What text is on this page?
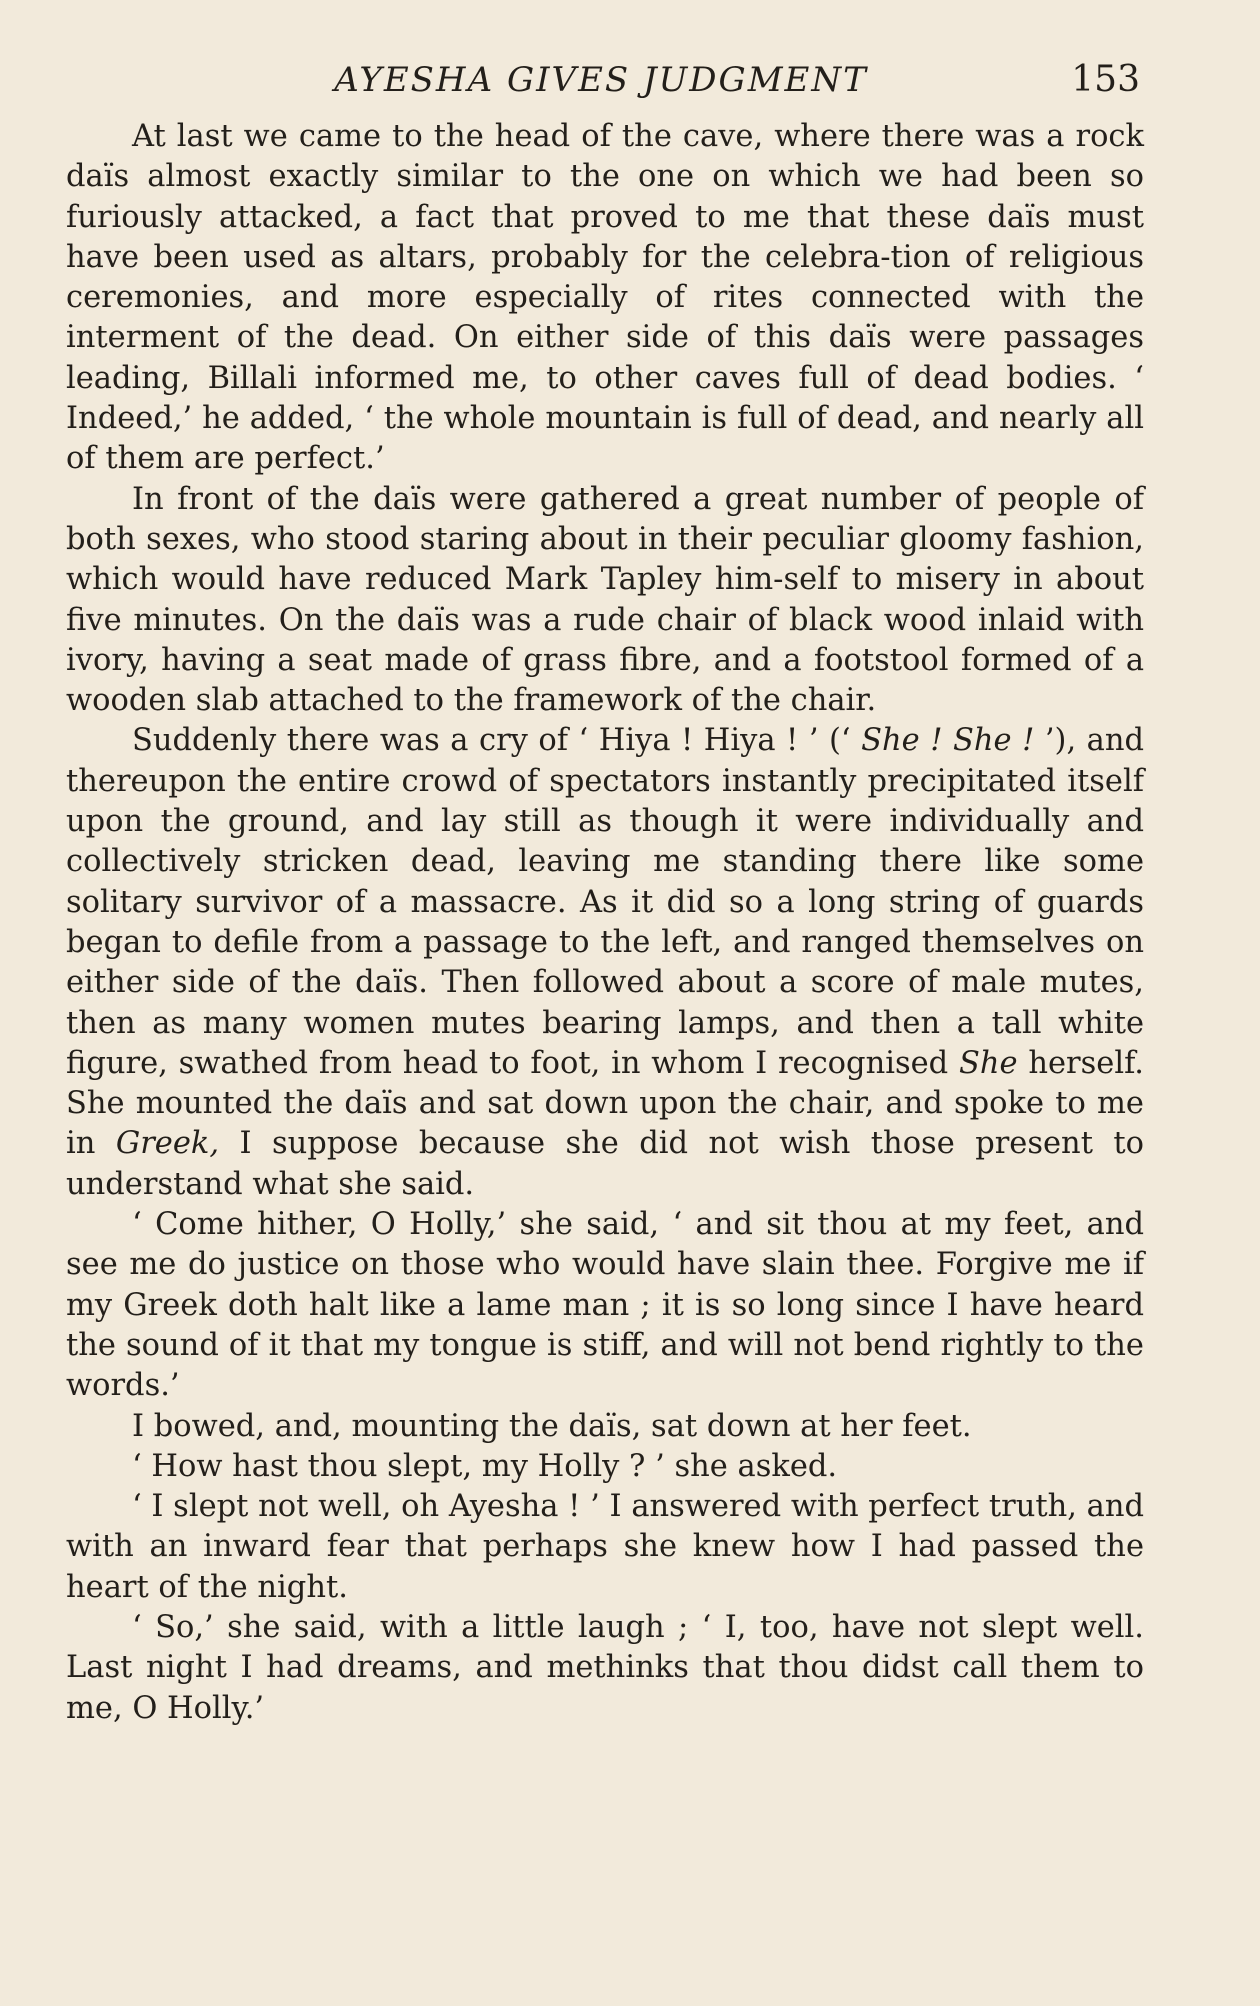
AYESHA GIVES JUDGMENT	153

At last we came to the head of the cave, where there was a rock daïs almost exactly similar to the one on which we had been so furiously attacked, a fact that proved to me that these daïs must have been used as altars, probably for the celebra-tion of religious ceremonies, and more especially of rites connected with the interment of the dead. On either side of this daïs were passages leading, Billali informed me, to other caves full of dead bodies. ‘ Indeed,’ he added, ‘ the whole mountain is full of dead, and nearly all of them are perfect.’

In front of the daïs were gathered a great number of people of both sexes, who stood staring about in their peculiar gloomy fashion, which would have reduced Mark Tapley him-self to misery in about five minutes. On the daïs was a rude chair of black wood inlaid with ivory, having a seat made of grass fibre, and a footstool formed of a wooden slab attached to the framework of the chair.

Suddenly there was a cry of ‘ Hiya ! Hiya ! ’ (‘ She ! She ! ’), and thereupon the entire crowd of spectators instantly precipitated itself upon the ground, and lay still as though it were individually and collectively stricken dead, leaving me standing there like some solitary survivor of a massacre. As it did so a long string of guards began to defile from a passage to the left, and ranged themselves on either side of the daïs. Then followed about a score of male mutes, then as many women mutes bearing lamps, and then a tall white figure, swathed from head to foot, in whom I recognised She herself. She mounted the daïs and sat down upon the chair, and spoke to me in Greek, I suppose because she did not wish those present to understand what she said.

‘ Come hither, O Holly,’ she said, ‘ and sit thou at my feet, and see me do justice on those who would have slain thee. Forgive me if my Greek doth halt like a lame man ; it is so long since I have heard the sound of it that my tongue is stiff, and will not bend rightly to the words.’

I bowed, and, mounting the daïs, sat down at her feet.

‘ How hast thou slept, my Holly ? ’ she asked.

‘ I slept not well, oh Ayesha ! ’ I answered with perfect truth, and with an inward fear that perhaps she knew how I had passed the heart of the night.

‘ So,’ she said, with a little laugh ; ‘ I, too, have not slept well. Last night I had dreams, and methinks that thou didst call them to me, O Holly.’
